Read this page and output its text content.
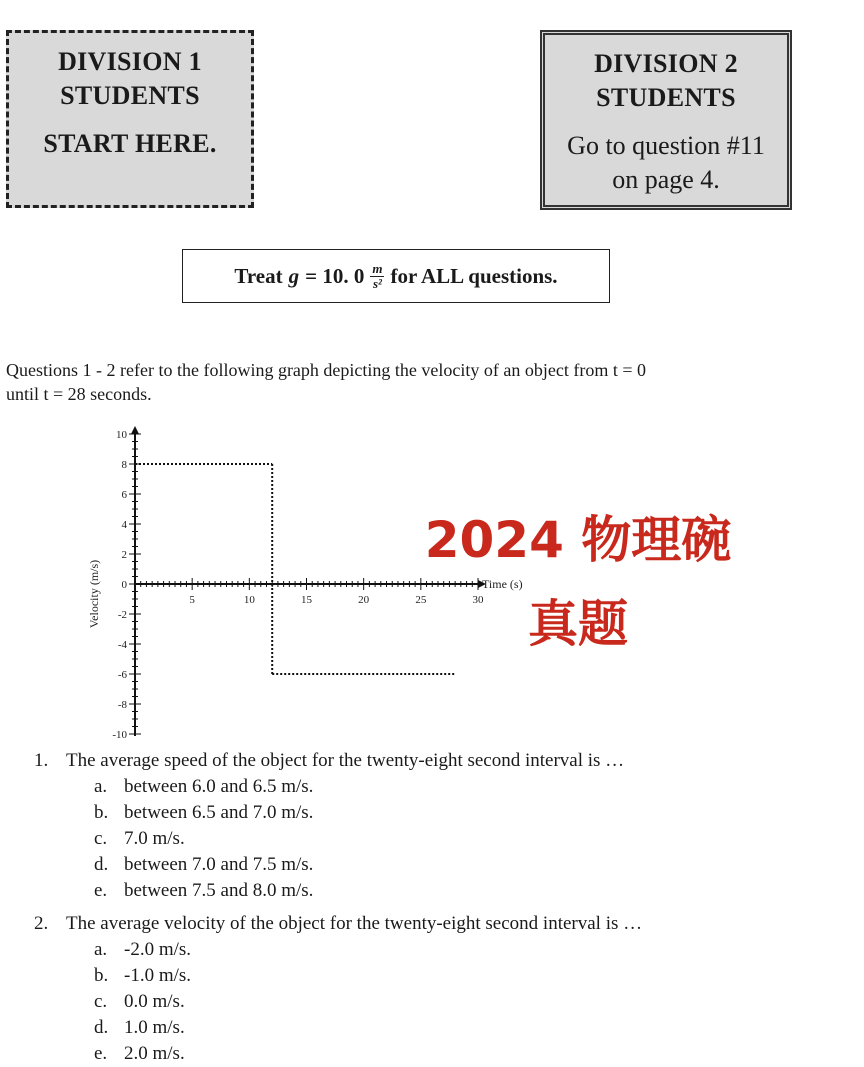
DIVISION 1
STUDENTS
START HERE.
DIVISION 2
STUDENTS
Go to question #11
on page 4.
Treat g = 10. $0 \frac{m}{\text{s²}}$ for ALL questions.
Questions 1 - 2 refer to the following graph depicting the velocity of an object from t = 0
until t = 28 seconds.
10
8
6
4
2
0
-2
-4
-6
-8
-10
5	10	15	20	25	30
Time (s)
Velocity (m/s)
2024 物理碗
真题
1. The average speed of the object for the twenty-eight second interval is …
a. between 6.0 and 6.5 m/s.
b. between 6.5 and 7.0 m/s.
c. 7.0 m/s.
d. between 7.0 and 7.5 m/s.
e. between 7.5 and 8.0 m/s.
2. The average velocity of the object for the twenty-eight second interval is …
a. -2.0 m/s.
b. -1.0 m/s.
c. 0.0 m/s.
d. 1.0 m/s.
e. 2.0 m/s.
